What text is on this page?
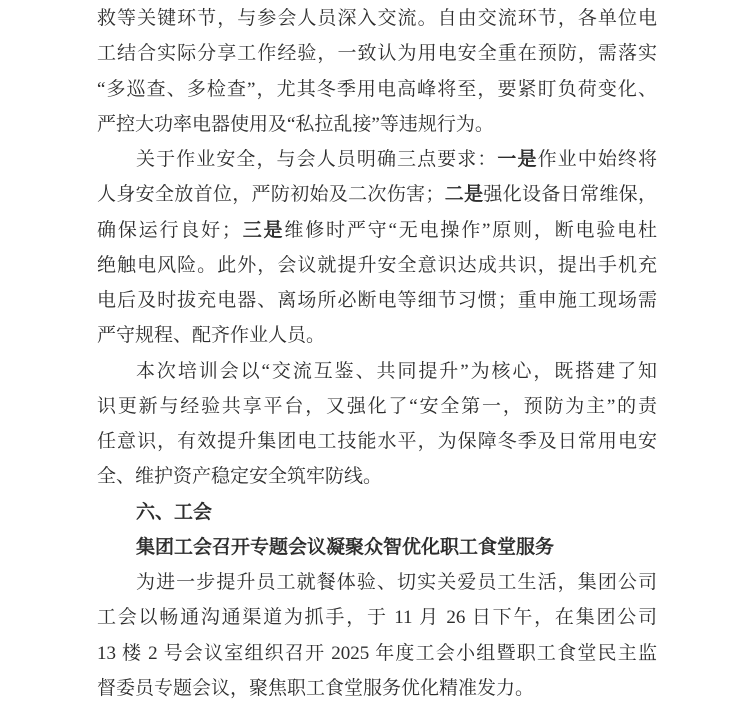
救等关键环节，与参会人员深入交流。自由交流环节，各单位电
工结合实际分享工作经验，一致认为用电安全重在预防，需落实
“多巡查、多检查”，尤其冬季用电高峰将至，要紧盯负荷变化、
严控大功率电器使用及“私拉乱接”等违规行为。
关于作业安全，与会人员明确三点要求：一是作业中始终将
人身安全放首位，严防初始及二次伤害；二是强化设备日常维保，
确保运行良好；三是维修时严守“无电操作”原则，断电验电杜
绝触电风险。此外，会议就提升安全意识达成共识，提出手机充
电后及时拔充电器、离场所必断电等细节习惯；重申施工现场需
严守规程、配齐作业人员。
本次培训会以“交流互鉴、共同提升”为核心，既搭建了知
识更新与经验共享平台，又强化了“安全第一，预防为主”的责
任意识，有效提升集团电工技能水平，为保障冬季及日常用电安
全、维护资产稳定安全筑牢防线。
六、工会
集团工会召开专题会议凝聚众智优化职工食堂服务
为进一步提升员工就餐体验、切实关爱员工生活，集团公司
工会以畅通沟通渠道为抓手，于 11 月 26 日下午，在集团公司
13 楼 2 号会议室组织召开 2025 年度工会小组暨职工食堂民主监
督委员专题会议，聚焦职工食堂服务优化精准发力。
